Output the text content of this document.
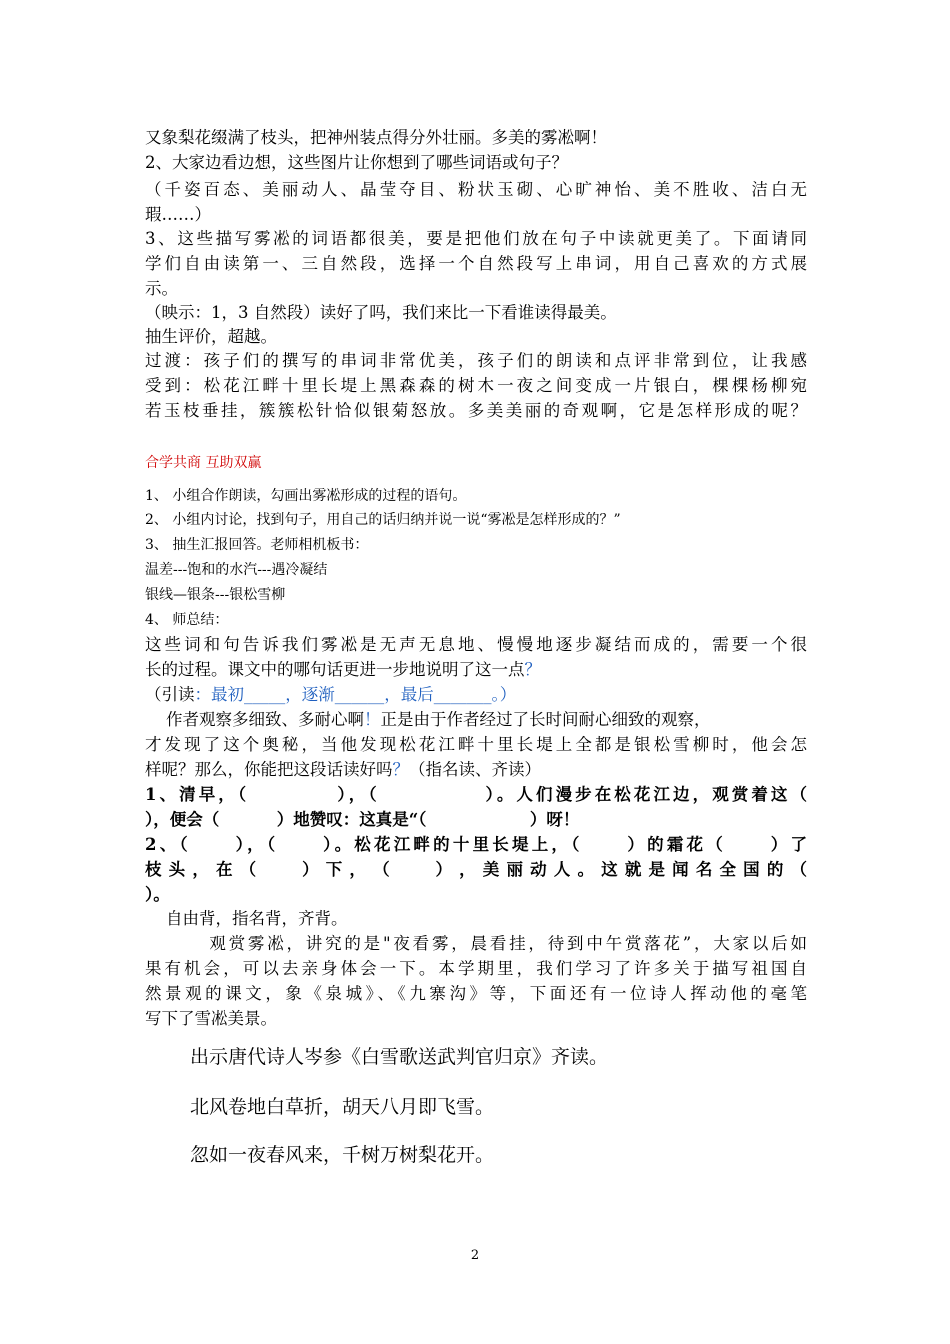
又象梨花缀满了枝头，把神州装点得分外壮丽。多美的雾凇啊！
2、大家边看边想，这些图片让你想到了哪些词语或句子？
（千姿百态、美丽动人、晶莹夺目、粉状玉砌、心旷神怡、美不胜收、洁白无
瑕……）
3、这些描写雾凇的词语都很美，要是把他们放在句子中读就更美了。下面请同
学们自由读第一、三自然段，选择一个自然段写上串词，用自己喜欢的方式展
示。
（映示：1，3 自然段）读好了吗，我们来比一下看谁读得最美。
抽生评价，超越。
过渡：孩子们的撰写的串词非常优美，孩子们的朗读和点评非常到位，让我感
受到：松花江畔十里长堤上黑森森的树木一夜之间变成一片银白，棵棵杨柳宛
若玉枝垂挂，簇簇松针恰似银菊怒放。多美美丽的奇观啊，它是怎样形成的呢？
合学共商 互助双赢
1、 小组合作朗读，勾画出雾凇形成的过程的语句。
2、 小组内讨论，找到句子，用自己的话归纳并说一说“雾凇是怎样形成的？”
3、 抽生汇报回答。老师相机板书：
温差---饱和的水汽---遇冷凝结
银线—银条---银松雪柳
4、 师总结：
这些词和句告诉我们雾凇是无声无息地、慢慢地逐步凝结而成的，需要一个很
长的过程。课文中的哪句话更进一步地说明了这一点？
（引读：最初_____，逐渐______，最后_______。）
作者观察多细致、多耐心啊！正是由于作者经过了长时间耐心细致的观察，
才发现了这个奥秘，当他发现松花江畔十里长堤上全都是银松雪柳时，他会怎
样呢？那么，你能把这段话读好吗？（指名读、齐读）
1、清早，（          ），（            ）。人们漫步在松花江边，观赏着这（
），便会（          ）地赞叹：这真是“（                  ）呀！
2、（     ），（     ）。松花江畔的十里长堤上，（     ）的霜花（     ）了
枝 头 ， 在 （       ） 下 ， （       ） ， 美 丽 动 人 。 这 就 是 闻 名 全 国 的 （
）。
自由背，指名背，齐背。
观赏雾凇，讲究的是"夜看雾，晨看挂，待到中午赏落花”，大家以后如
果有机会，可以去亲身体会一下。本学期里，我们学习了许多关于描写祖国自
然景观的课文，象《泉城》、《九寨沟》等，下面还有一位诗人挥动他的毫笔
写下了雪凇美景。
出示唐代诗人岑参《白雪歌送武判官归京》齐读。
北风卷地白草折，胡天八月即飞雪。
忽如一夜春风来，千树万树梨花开。
2
